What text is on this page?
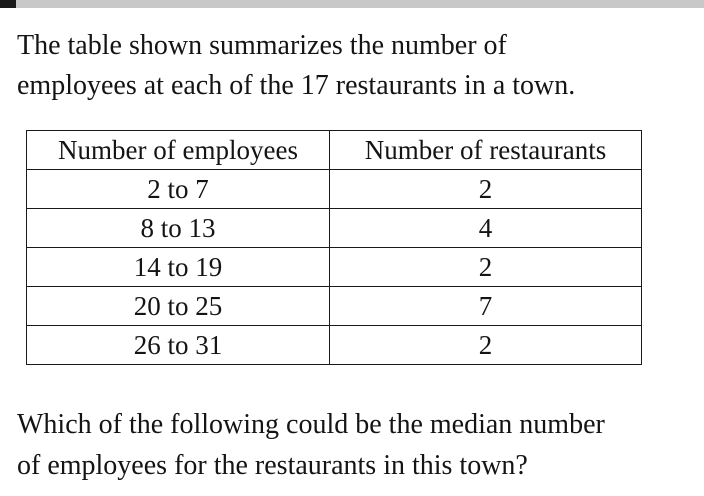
The table shown summarizes the number of
employees at each of the 17 restaurants in a town.

Number of employees	Number of restaurants
2 to 7	2
8 to 13	4
14 to 19	2
20 to 25	7
26 to 31	2

Which of the following could be the median number
of employees for the restaurants in this town?
